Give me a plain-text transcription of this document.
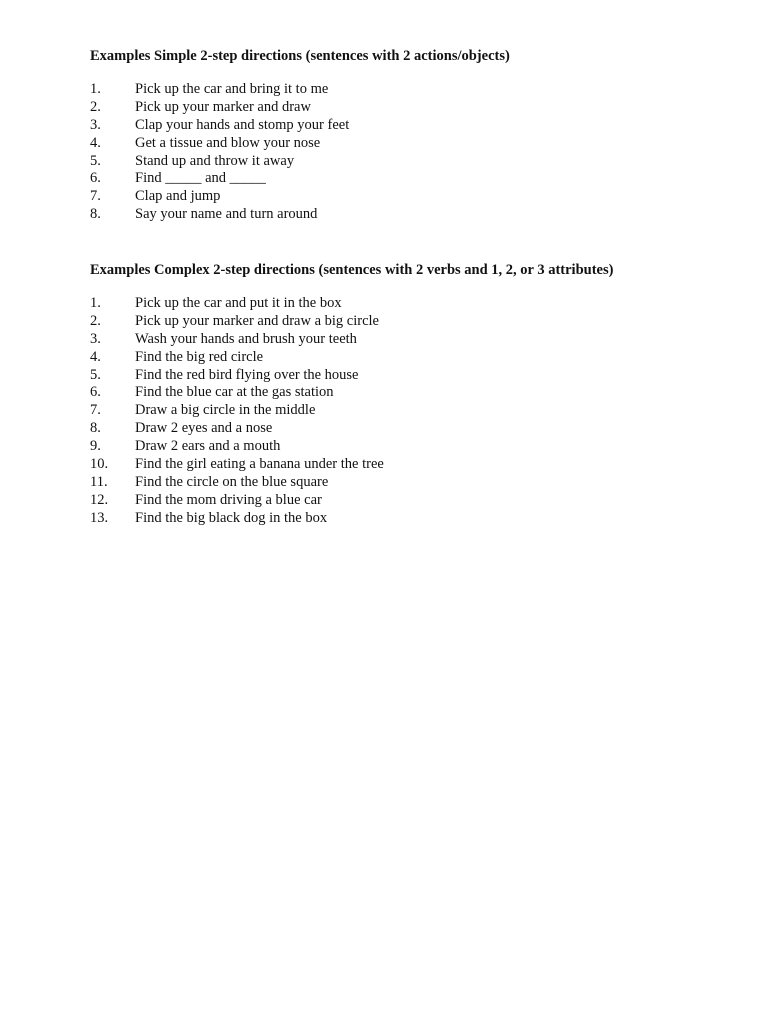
Examples Simple 2-step directions (sentences with 2 actions/objects)
1. Pick up the car and bring it to me
2. Pick up your marker and draw
3. Clap your hands and stomp your feet
4. Get a tissue and blow your nose
5. Stand up and throw it away
6. Find _____ and _____
7. Clap and jump
8. Say your name and turn around
Examples Complex 2-step directions (sentences with 2 verbs and 1, 2, or 3 attributes)
1. Pick up the car and put it in the box
2. Pick up your marker and draw a big circle
3. Wash your hands and brush your teeth
4. Find the big red circle
5. Find the red bird flying over the house
6. Find the blue car at the gas station
7. Draw a big circle in the middle
8. Draw 2 eyes and a nose
9. Draw 2 ears and a mouth
10. Find the girl eating a banana under the tree
11. Find the circle on the blue square
12. Find the mom driving a blue car
13. Find the big black dog in the box
